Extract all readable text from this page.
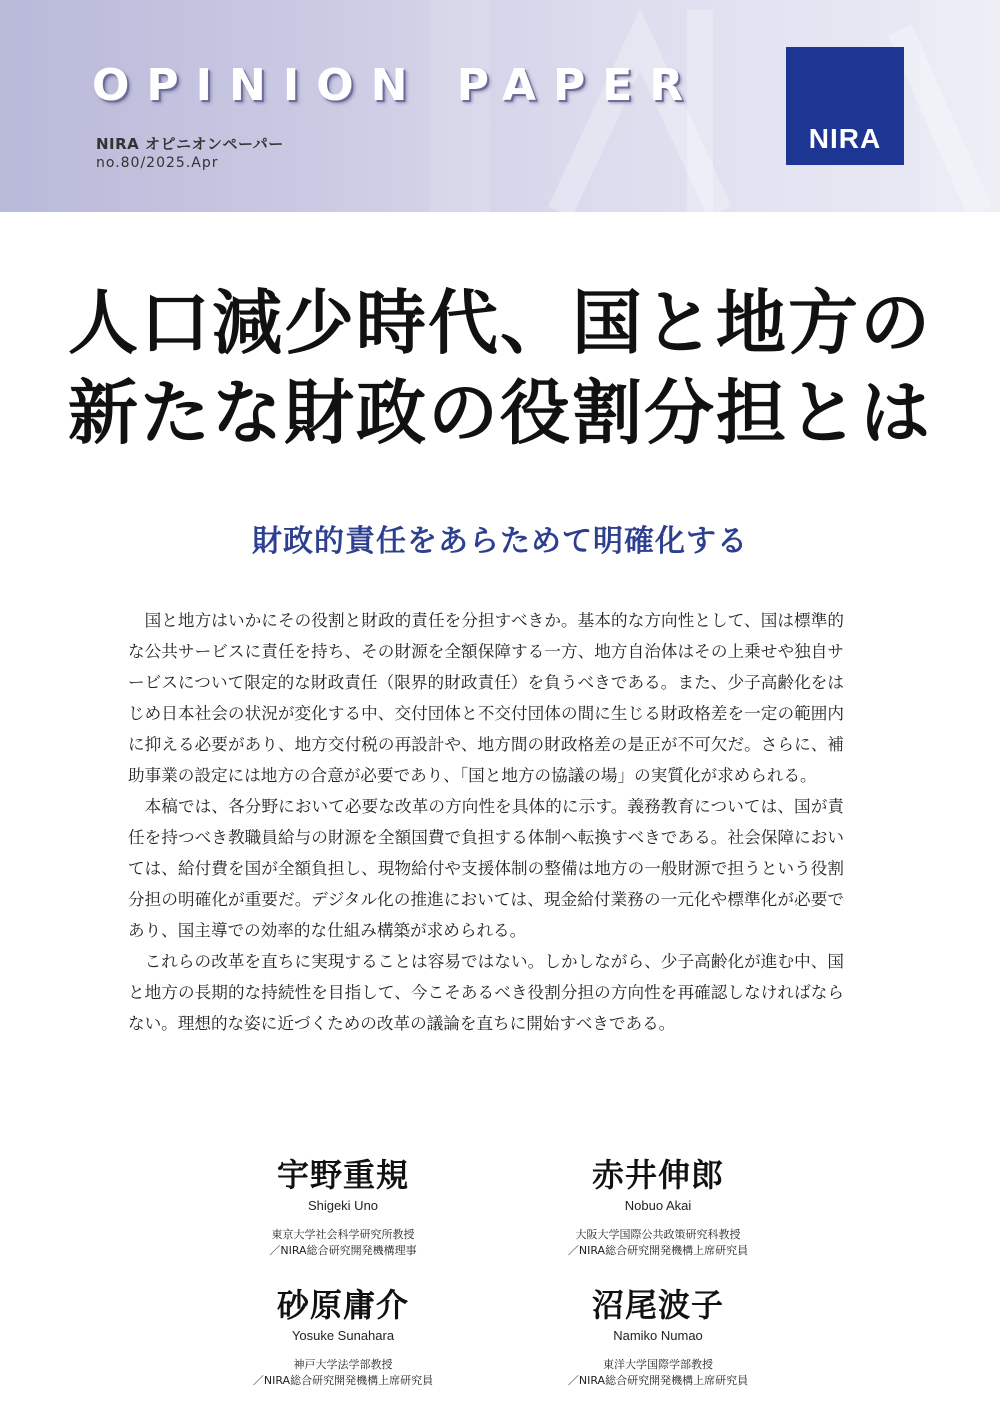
OPINION PAPER
NIRA オピニオンペーパー
no.80/2025.Apr
NIRA
人口減少時代、国と地方の
新たな財政の役割分担とは
財政的責任をあらためて明確化する

国と地方はいかにその役割と財政的責任を分担すべきか。基本的な方向性として、国は標準的な公共サービスに責任を持ち、その財源を全額保障する一方、地方自治体はその上乗せや独自サービスについて限定的な財政責任（限界的財政責任）を負うべきである。また、少子高齢化をはじめ日本社会の状況が変化する中、交付団体と不交付団体の間に生じる財政格差を一定の範囲内に抑える必要があり、地方交付税の再設計や、地方間の財政格差の是正が不可欠だ。さらに、補助事業の設定には地方の合意が必要であり、「国と地方の協議の場」の実質化が求められる。

本稿では、各分野において必要な改革の方向性を具体的に示す。義務教育については、国が責任を持つべき教職員給与の財源を全額国費で負担する体制へ転換すべきである。社会保障においては、給付費を国が全額負担し、現物給付や支援体制の整備は地方の一般財源で担うという役割分担の明確化が重要だ。デジタル化の推進においては、現金給付業務の一元化や標準化が必要であり、国主導での効率的な仕組み構築が求められる。

これらの改革を直ちに実現することは容易ではない。しかしながら、少子高齢化が進む中、国と地方の長期的な持続性を目指して、今こそあるべき役割分担の方向性を再確認しなければならない。理想的な姿に近づくための改革の議論を直ちに開始すべきである。

宇野重規
Shigeki Uno
東京大学社会科学研究所教授
／NIRA総合研究開発機構理事
赤井伸郎
Nobuo Akai
大阪大学国際公共政策研究科教授
／NIRA総合研究開発機構上席研究員
砂原庸介
Yosuke Sunahara
神戸大学法学部教授
／NIRA総合研究開発機構上席研究員
沼尾波子
Namiko Numao
東洋大学国際学部教授
／NIRA総合研究開発機構上席研究員
